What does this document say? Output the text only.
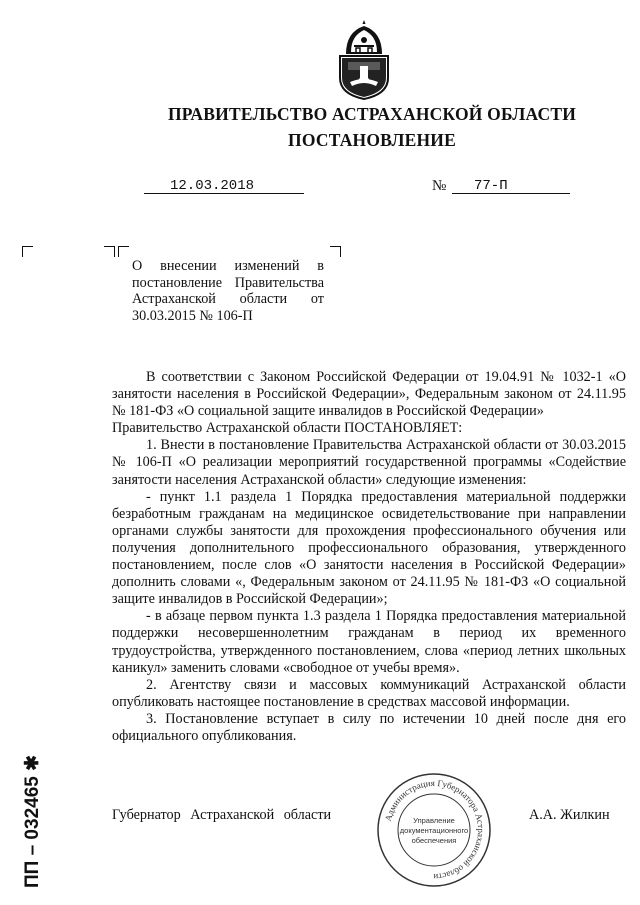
ПРАВИТЕЛЬСТВО АСТРАХАНСКОЙ ОБЛАСТИ
ПОСТАНОВЛЕНИЕ
12.03.2018	№	77-П
О внесении изменений в постановление Правительства Астраханской области от 30.03.2015 № 106-П

В соответствии с Законом Российской Федерации от 19.04.91 № 1032-1 «О занятости населения в Российской Федерации», Федеральным законом от 24.11.95 № 181-ФЗ «О социальной защите инвалидов в Российской Федерации»

Правительство Астраханской области ПОСТАНОВЛЯЕТ:

1. Внести в постановление Правительства Астраханской области от 30.03.2015 № 106-П «О реализации мероприятий государственной программы «Содействие занятости населения Астраханской области» следующие изменения:

- пункт 1.1 раздела 1 Порядка предоставления материальной поддержки безработным гражданам на медицинское освидетельствование при направлении органами службы занятости для прохождения профессионального обучения или получения дополнительного профессионального образования, утвержденного постановлением, после слов «О занятости населения в Российской Федерации» дополнить словами «, Федеральным законом от 24.11.95 № 181-ФЗ «О социальной защите инвалидов в Российской Федерации»;

- в абзаце первом пункта 1.3 раздела 1 Порядка предоставления материальной поддержки несовершеннолетним гражданам в период их временного трудоустройства, утвержденного постановлением, слова «период летних школьных каникул» заменить словами «свободное от учебы время».

2. Агентству связи и массовых коммуникаций Астраханской области опубликовать настоящее постановление в средствах массовой информации.

3. Постановление вступает в силу по истечении 10 дней после дня его официального опубликования.

Губернатор Астраханской области	А.А. Жилкин
Администрация Губернатора Астраханской области
Управление
документационного
обеспечения
ПП – 032465 ✱
